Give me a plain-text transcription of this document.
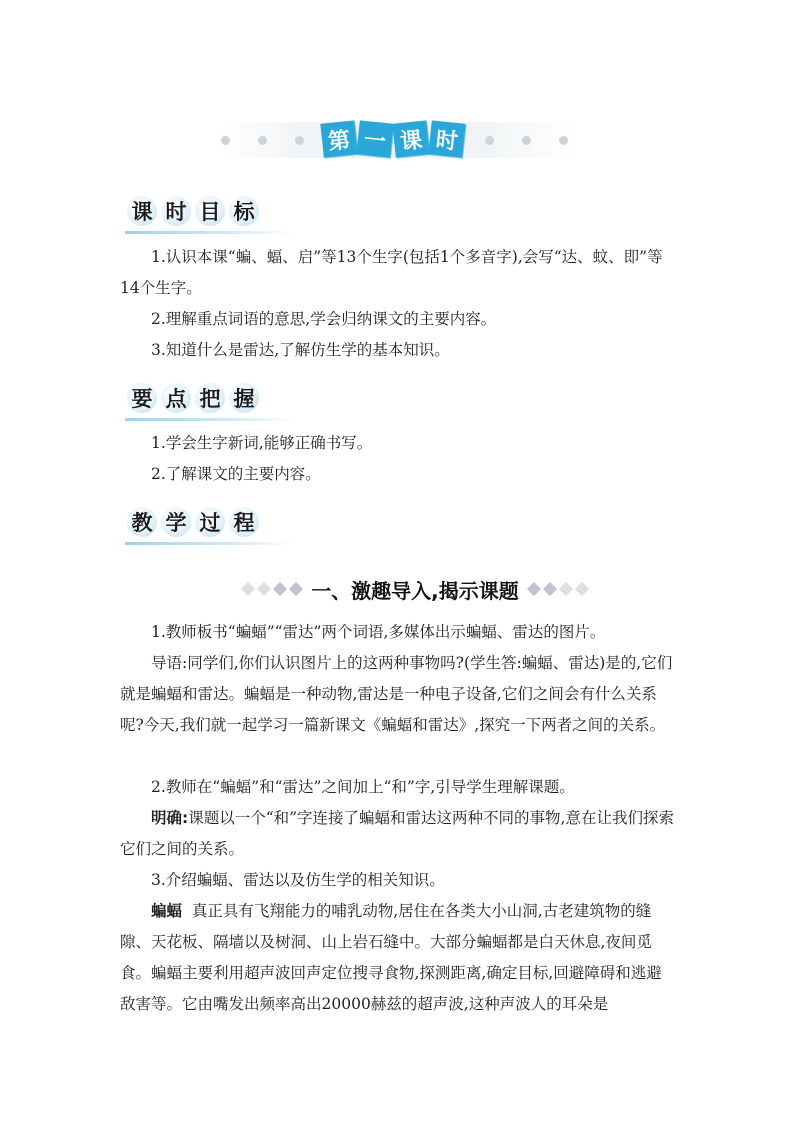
第 一 课 时
课 时 目 标

1.认识本课“蝙、蝠、启”等13个生字(包括1个多音字),会写“达、蚊、即”等14个生字。

2.理解重点词语的意思,学会归纳课文的主要内容。

3.知道什么是雷达,了解仿生学的基本知识。

要 点 把 握

1.学会生字新词,能够正确书写。

2.了解课文的主要内容。

教 学 过 程
一、激趣导入,揭示课题

1.教师板书“蝙蝠”“雷达”两个词语,多媒体出示蝙蝠、雷达的图片。

导语:同学们,你们认识图片上的这两种事物吗?(学生答:蝙蝠、雷达)是的,它们就是蝙蝠和雷达。蝙蝠是一种动物,雷达是一种电子设备,它们之间会有什么关系呢?今天,我们就一起学习一篇新课文《蝙蝠和雷达》,探究一下两者之间的关系。

2.教师在“蝙蝠”和“雷达”之间加上“和”字,引导学生理解课题。

明确:课题以一个“和”字连接了蝙蝠和雷达这两种不同的事物,意在让我们探索它们之间的关系。

3.介绍蝙蝠、雷达以及仿生学的相关知识。

蝙蝠 真正具有飞翔能力的哺乳动物,居住在各类大小山洞,古老建筑物的缝隙、天花板、隔墙以及树洞、山上岩石缝中。大部分蝙蝠都是白天休息,夜间觅食。蝙蝠主要利用超声波回声定位搜寻食物,探测距离,确定目标,回避障碍和逃避敌害等。它由嘴发出频率高出20000赫兹的超声波,这种声波人的耳朵是
